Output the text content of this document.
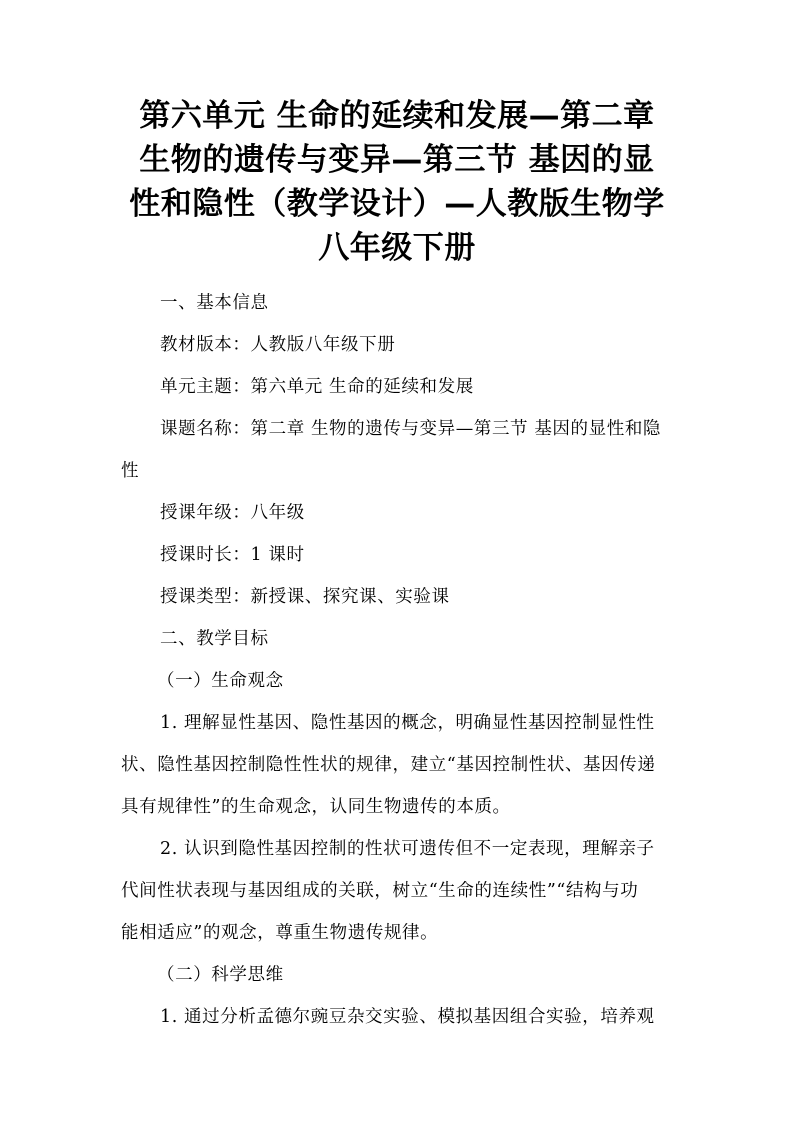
第六单元 生命的延续和发展—第二章
生物的遗传与变异—第三节 基因的显
性和隐性（教学设计）—人教版生物学
八年级下册

一、基本信息

教材版本：人教版八年级下册

单元主题：第六单元 生命的延续和发展

课题名称：第二章 生物的遗传与变异—第三节 基因的显性和隐

性

授课年级：八年级

授课时长：1 课时

授课类型：新授课、探究课、实验课

二、教学目标

（一）生命观念

1. 理解显性基因、隐性基因的概念，明确显性基因控制显性性
状、隐性基因控制隐性性状的规律，建立“基因控制性状、基因传递
具有规律性”的生命观念，认同生物遗传的本质。
2. 认识到隐性基因控制的性状可遗传但不一定表现，理解亲子
代间性状表现与基因组成的关联，树立“生命的连续性”“结构与功
能相适应”的观念，尊重生物遗传规律。

（二）科学思维

1. 通过分析孟德尔豌豆杂交实验、模拟基因组合实验，培养观
